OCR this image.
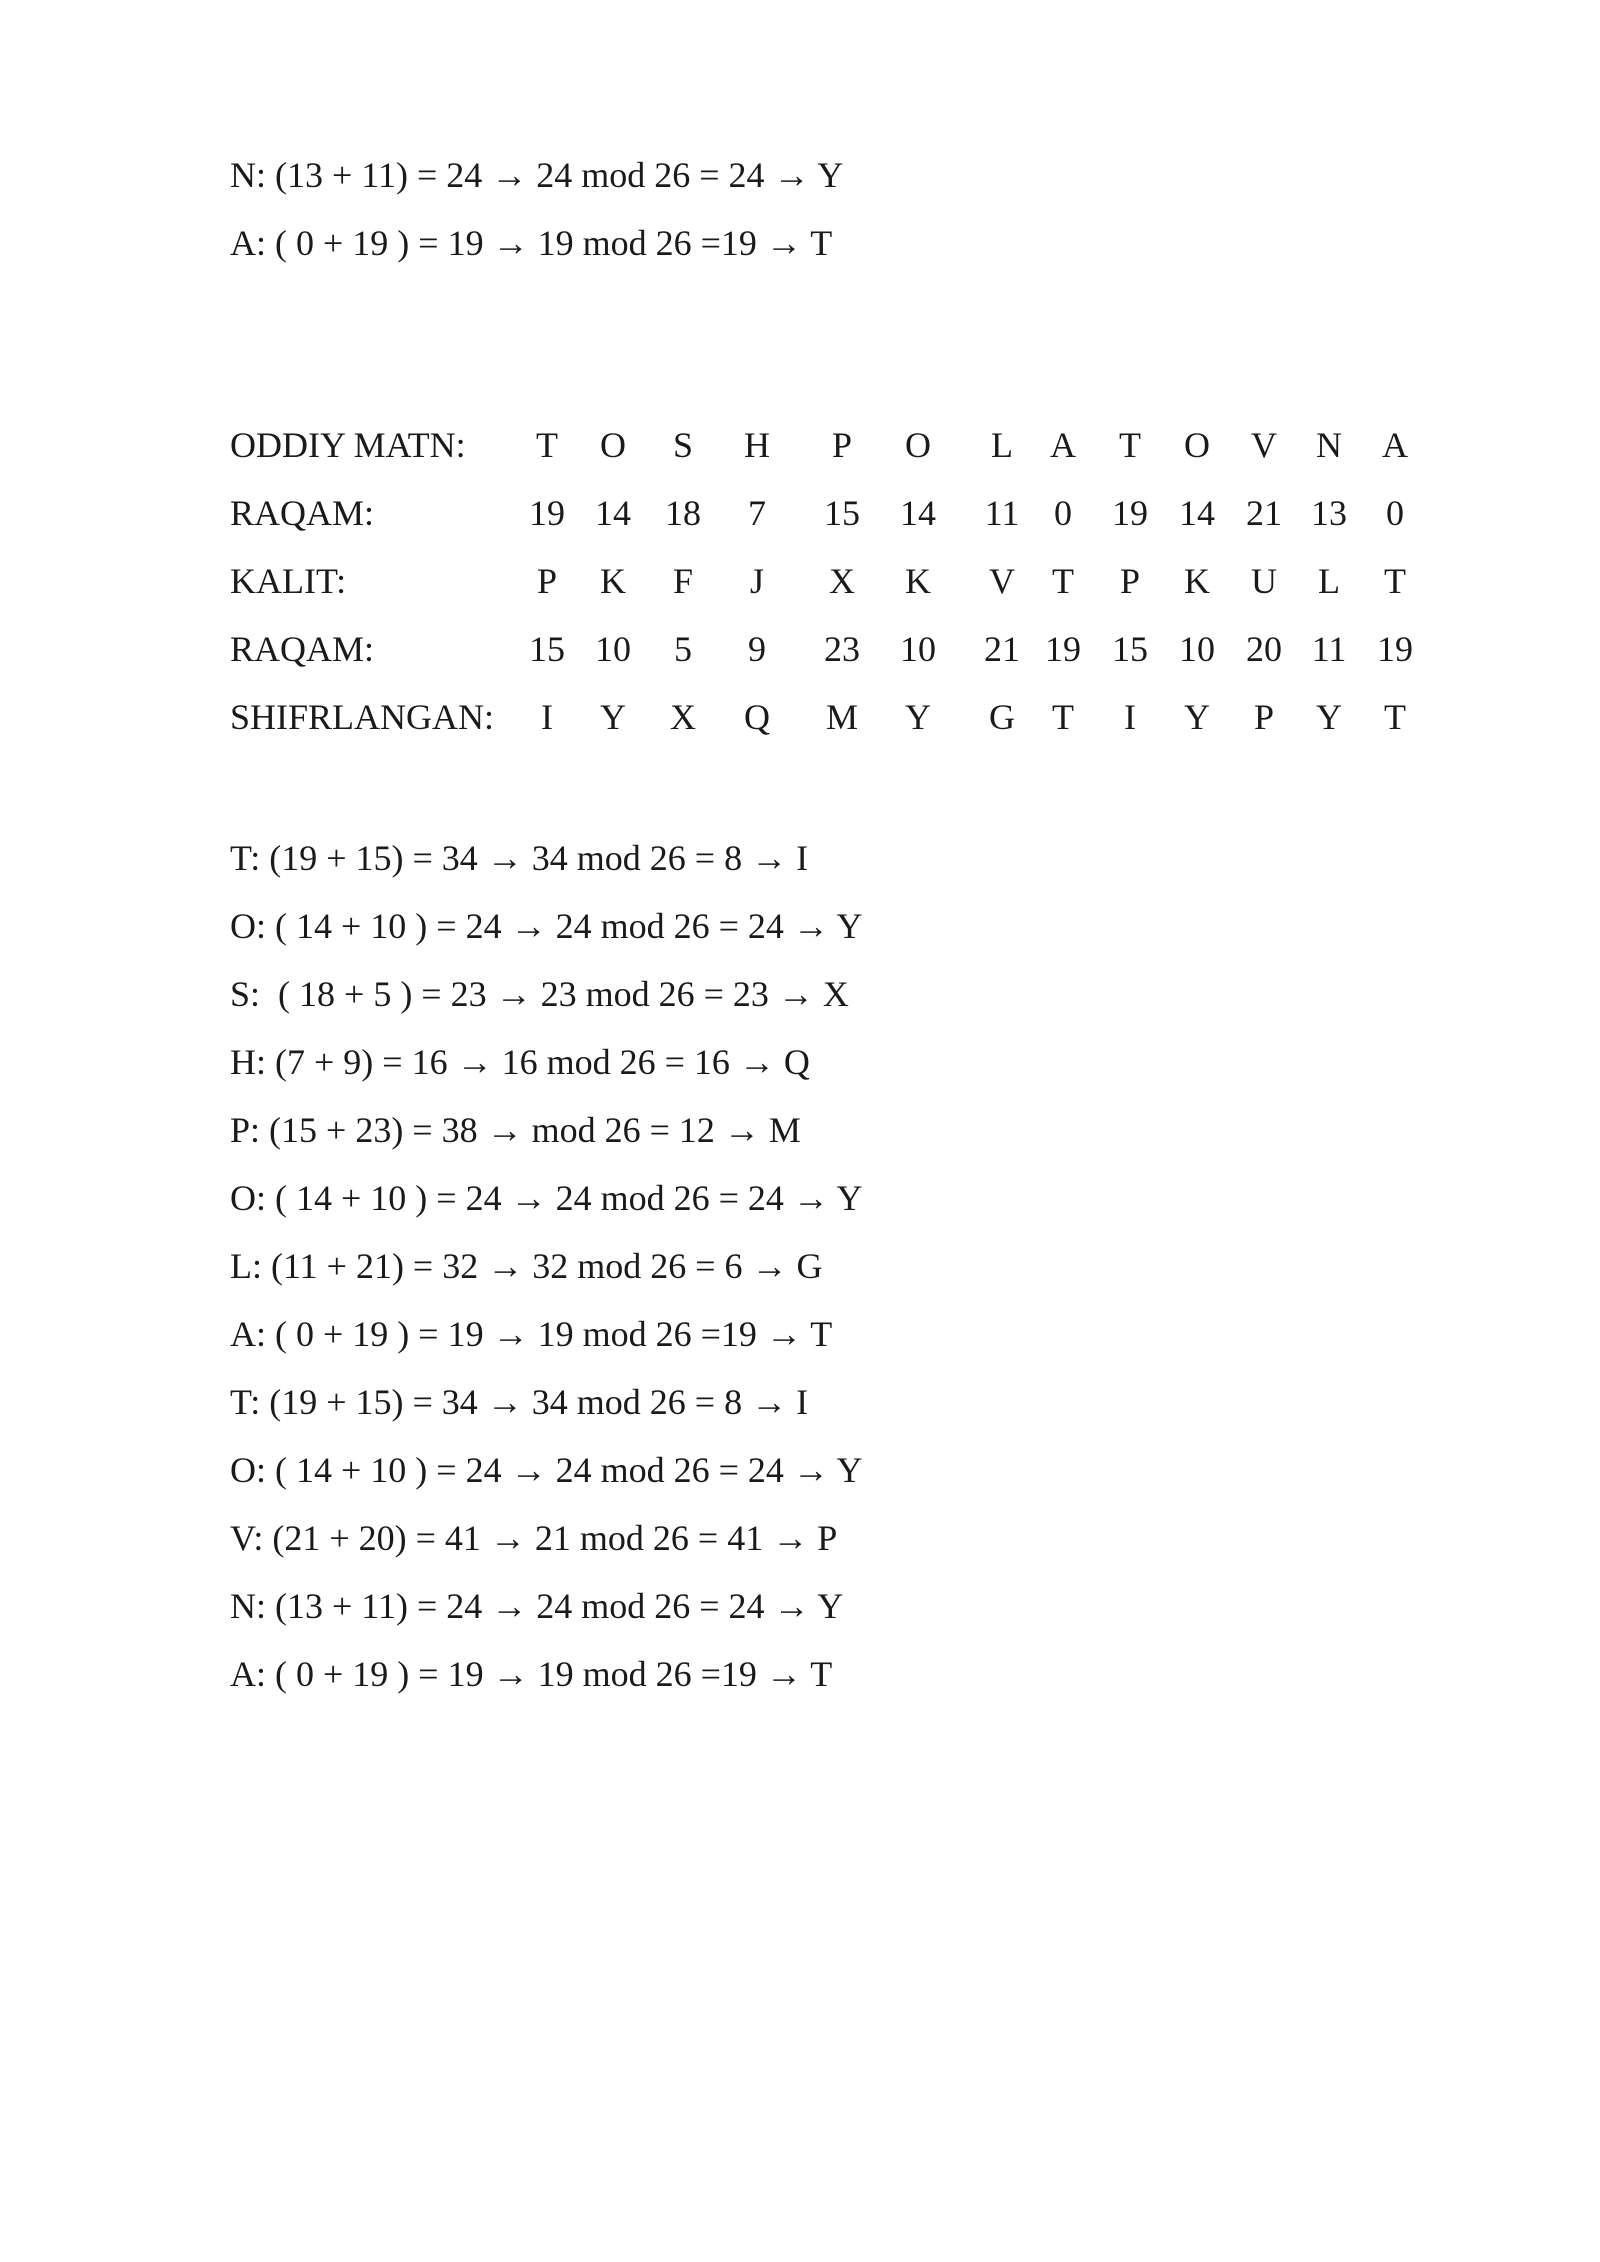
N: (13 + 11) = 24 → 24 mod 26 = 24 → Y
A: ( 0 + 19 ) = 19 → 19 mod 26 =19 → T
ODDIY MATN: T O S H P O L A T O V N A
RAQAM:	19 14 18 7 15 14 11 0 19 14 21 13 0
KALIT:	P K F J X K V T P K U L T
RAQAM:	15 10 5 9 23 10 21 19 15 10 20 11 19
SHIFRLANGAN: I Y X Q M Y G T I Y P Y T
T: (19 + 15) = 34 → 34 mod 26 = 8 → I
O: ( 14 + 10 ) = 24 → 24 mod 26 = 24 → Y
S:  ( 18 + 5 ) = 23 → 23 mod 26 = 23 → X
H: (7 + 9) = 16 → 16 mod 26 = 16 → Q
P: (15 + 23) = 38 → mod 26 = 12 → M
O: ( 14 + 10 ) = 24 → 24 mod 26 = 24 → Y
L: (11 + 21) = 32 → 32 mod 26 = 6 → G
A: ( 0 + 19 ) = 19 → 19 mod 26 =19 → T
T: (19 + 15) = 34 → 34 mod 26 = 8 → I
O: ( 14 + 10 ) = 24 → 24 mod 26 = 24 → Y
V: (21 + 20) = 41 → 21 mod 26 = 41 → P
N: (13 + 11) = 24 → 24 mod 26 = 24 → Y
A: ( 0 + 19 ) = 19 → 19 mod 26 =19 → T
